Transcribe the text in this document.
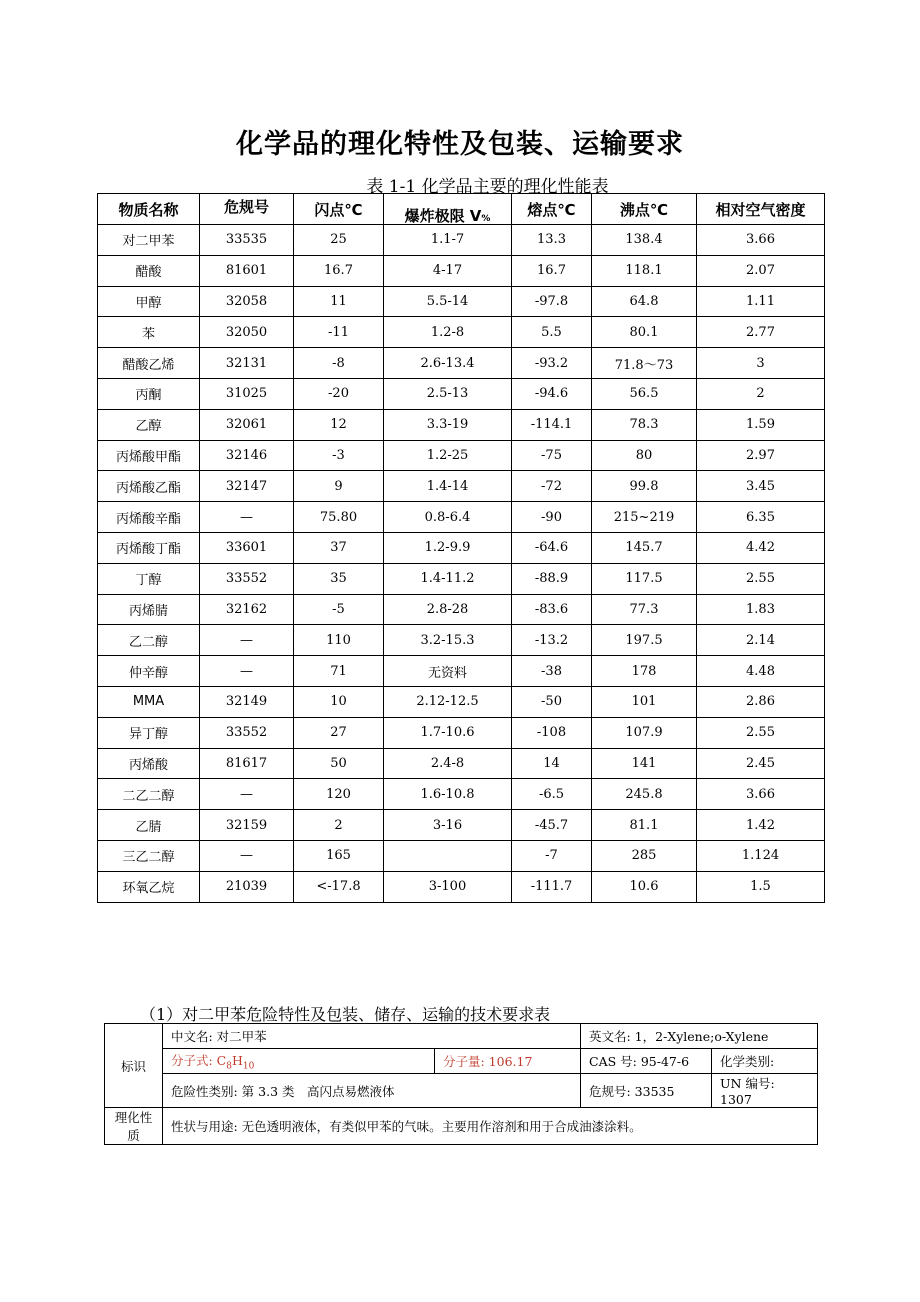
化学品的理化特性及包装、运输要求
表 1-1 化学品主要的理化性能表
物质名称	危规号	闪点℃	爆炸极限 V%	熔点℃	沸点℃	相对空气密度
对二甲苯	33535	25	1.1-7	13.3	138.4	3.66
醋酸	81601	16.7	4-17	16.7	118.1	2.07
甲醇	32058	11	5.5-14	-97.8	64.8	1.11
苯	32050	-11	1.2-8	5.5	80.1	2.77
醋酸乙烯	32131	-8	2.6-13.4	-93.2	71.8～73	3
丙酮	31025	-20	2.5-13	-94.6	56.5	2
乙醇	32061	12	3.3-19	-114.1	78.3	1.59
丙烯酸甲酯	32146	-3	1.2-25	-75	80	2.97
丙烯酸乙酯	32147	9	1.4-14	-72	99.8	3.45
丙烯酸辛酯	—	75.80	0.8-6.4	-90	215~219	6.35
丙烯酸丁酯	33601	37	1.2-9.9	-64.6	145.7	4.42
丁醇	33552	35	1.4-11.2	-88.9	117.5	2.55
丙烯腈	32162	-5	2.8-28	-83.6	77.3	1.83
乙二醇	—	110	3.2-15.3	-13.2	197.5	2.14
仲辛醇	—	71	无资料	-38	178	4.48
MMA	32149	10	2.12-12.5	-50	101	2.86
异丁醇	33552	27	1.7-10.6	-108	107.9	2.55
丙烯酸	81617	50	2.4-8	14	141	2.45
二乙二醇	—	120	1.6-10.8	-6.5	245.8	3.66
乙腈	32159	2	3-16	-45.7	81.1	1.42
三乙二醇	—	165		-7	285	1.124
环氧乙烷	21039	<-17.8	3-100	-111.7	10.6	1.5
（1）对二甲苯危险特性及包装、储存、运输的技术要求表
标识	中文名: 对二甲苯		英文名: 1，2-Xylene;o-Xylene	
	分子式: $C_8H_{10}$	分子量: 106.17	CAS 号: 95-47-6	化学类别:
	危险性类别: 第 3.3 类　高闪点易燃液体		危规号: 33535	UN 编号: 1307
理化性质	性状与用途: 无色透明液体，有类似甲苯的气味。主要用作溶剂和用于合成油漆涂料。			
